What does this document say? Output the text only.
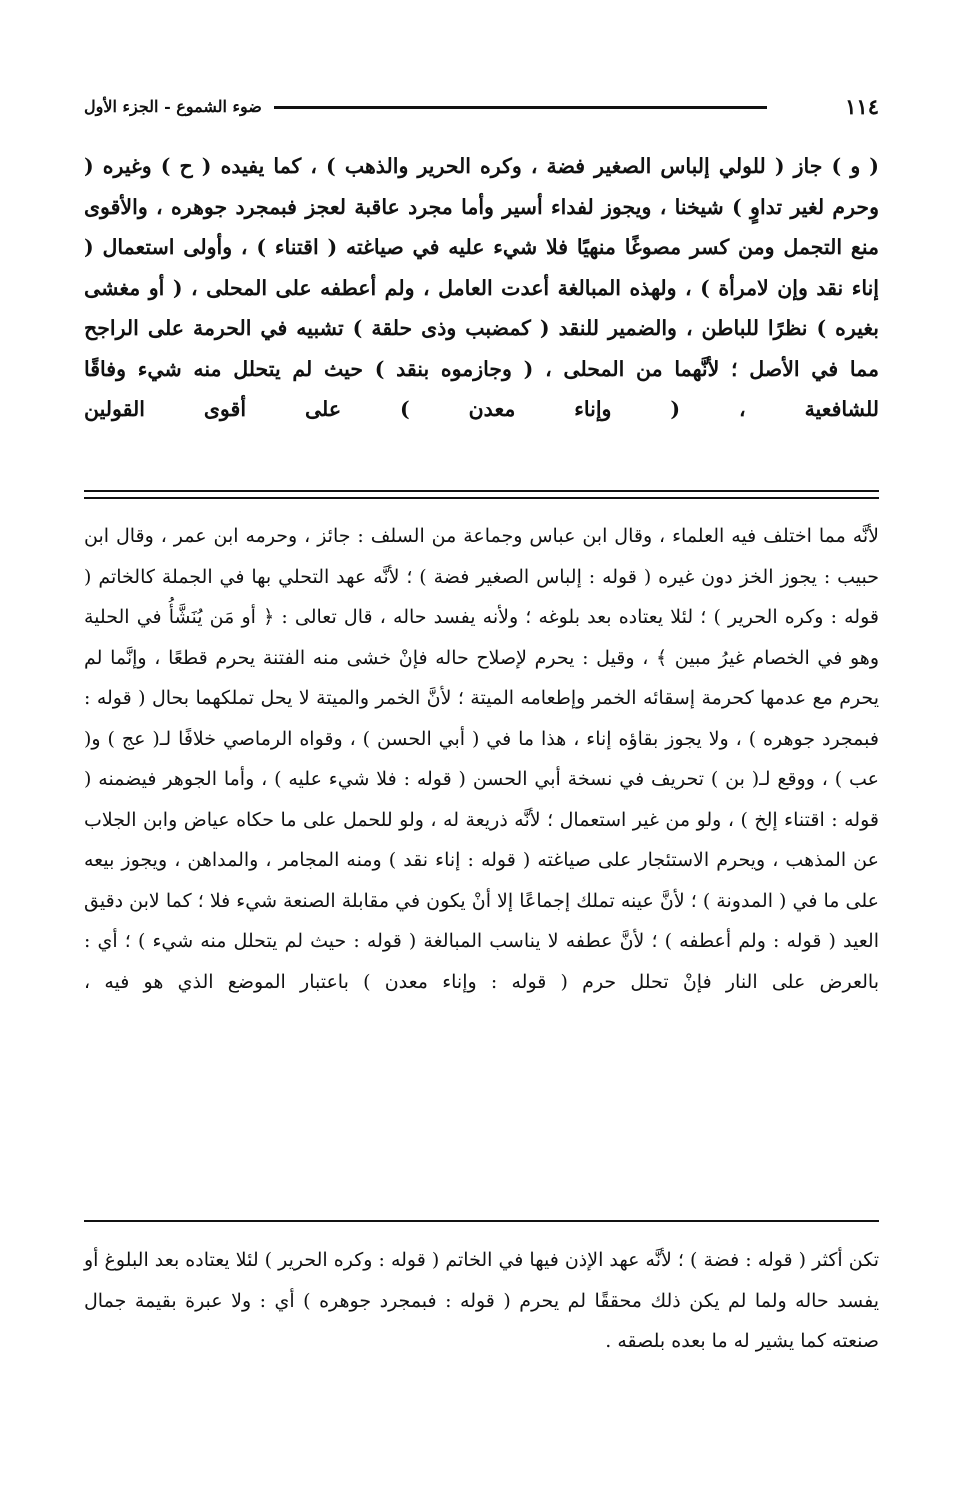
١١٤
ضوء الشموع - الجزء الأول

( و ) جاز ( للولي إلباس الصغير فضة ، وكره الحرير والذهب ) ، كما يفيده ( ح ) وغيره ( وحرم لغير تداوٍ ) شيخنا ، ويجوز لفداء أسير وأما مجرد عاقبة لعجز فبمجرد جوهره ، والأقوى منع التجمل ومن كسر مصوغًا منهيًا فلا شيء عليه في صياغته ( اقتناء ) ، وأولى استعمال ( إناء نقد وإن لامرأة ) ، ولهذه المبالغة أعدت العامل ، ولم أعطفه على المحلى ، ( أو مغشى بغيره ) نظرًا للباطن ، والضمير للنقد ( كمضبب وذى حلقة ) تشبيه في الحرمة على الراجح مما في الأصل ؛ لأنَّهما من المحلى ، ( وجازموه بنقد ) حيث لم يتحلل منه شيء وفاقًا للشافعية ، ( وإناء معدن ) على أقوى القولين

لأنَّه مما اختلف فيه العلماء ، وقال ابن عباس وجماعة من السلف : جائز ، وحرمه ابن عمر ، وقال ابن حبيب : يجوز الخز دون غيره ( قوله : إلباس الصغير فضة ) ؛ لأنَّه عهد التحلي بها في الجملة كالخاتم ( قوله : وكره الحرير ) ؛ لئلا يعتاده بعد بلوغه ؛ ولأنه يفسد حاله ، قال تعالى : ﴿ أو مَن يُنَشَّأُ في الحلية وهو في الخصام غيرُ مبين ﴾ ، وقيل : يحرم لإصلاح حاله فإنْ خشى منه الفتنة يحرم قطعًا ، وإنَّما لم يحرم مع عدمها كحرمة إسقائه الخمر وإطعامه الميتة ؛ لأنَّ الخمر والميتة لا يحل تملكهما بحال ( قوله : فبمجرد جوهره ) ، ولا يجوز بقاؤه إناء ، هذا ما في ( أبي الحسن ) ، وقواه الرماصي خلافًا لـ( عج ) و( عب ) ، ووقع لـ( بن ) تحريف في نسخة أبي الحسن ( قوله : فلا شيء عليه ) ، وأما الجوهر فيضمنه ( قوله : اقتناء إلخ ) ، ولو من غير استعمال ؛ لأنَّه ذريعة له ، ولو للحمل على ما حكاه عياض وابن الجلاب عن المذهب ، ويحرم الاستئجار على صياغته ( قوله : إناء نقد ) ومنه المجامر ، والمداهن ، ويجوز بيعه على ما في ( المدونة ) ؛ لأنَّ عينه تملك إجماعًا إلا أنْ يكون في مقابلة الصنعة شيء فلا ؛ كما لابن دقيق العيد ( قوله : ولم أعطفه ) ؛ لأنَّ عطفه لا يناسب المبالغة ( قوله : حيث لم يتحلل منه شيء ) ؛ أي : بالعرض على النار فإنْ تحلل حرم ( قوله : وإناء معدن ) باعتبار الموضع الذي هو فيه ،

تكن أكثر ( قوله : فضة ) ؛ لأنَّه عهد الإذن فيها في الخاتم ( قوله : وكره الحرير ) لئلا يعتاده بعد البلوغ أو يفسد حاله ولما لم يكن ذلك محققًا لم يحرم ( قوله : فبمجرد جوهره ) أي : ولا عبرة بقيمة جمال صنعته كما يشير له ما بعده بلصقه .
